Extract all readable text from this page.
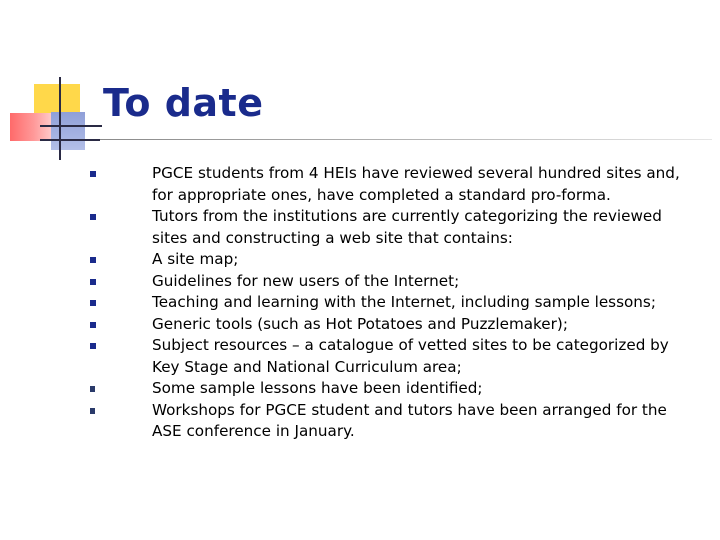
To date
PGCE students from 4 HEIs have reviewed several hundred sites and, for appropriate ones, have completed a standard pro-forma.
Tutors from the institutions are currently categorizing the reviewed sites and constructing a web site that contains:
A site map;
Guidelines for new users of the Internet;
Teaching and learning with the Internet, including sample lessons;
Generic tools (such as Hot Potatoes and Puzzlemaker);
Subject resources – a catalogue of vetted sites to be categorized by Key Stage and National Curriculum area;
Some sample lessons have been identified;
Workshops for PGCE student and tutors have been arranged for the ASE conference in January.
